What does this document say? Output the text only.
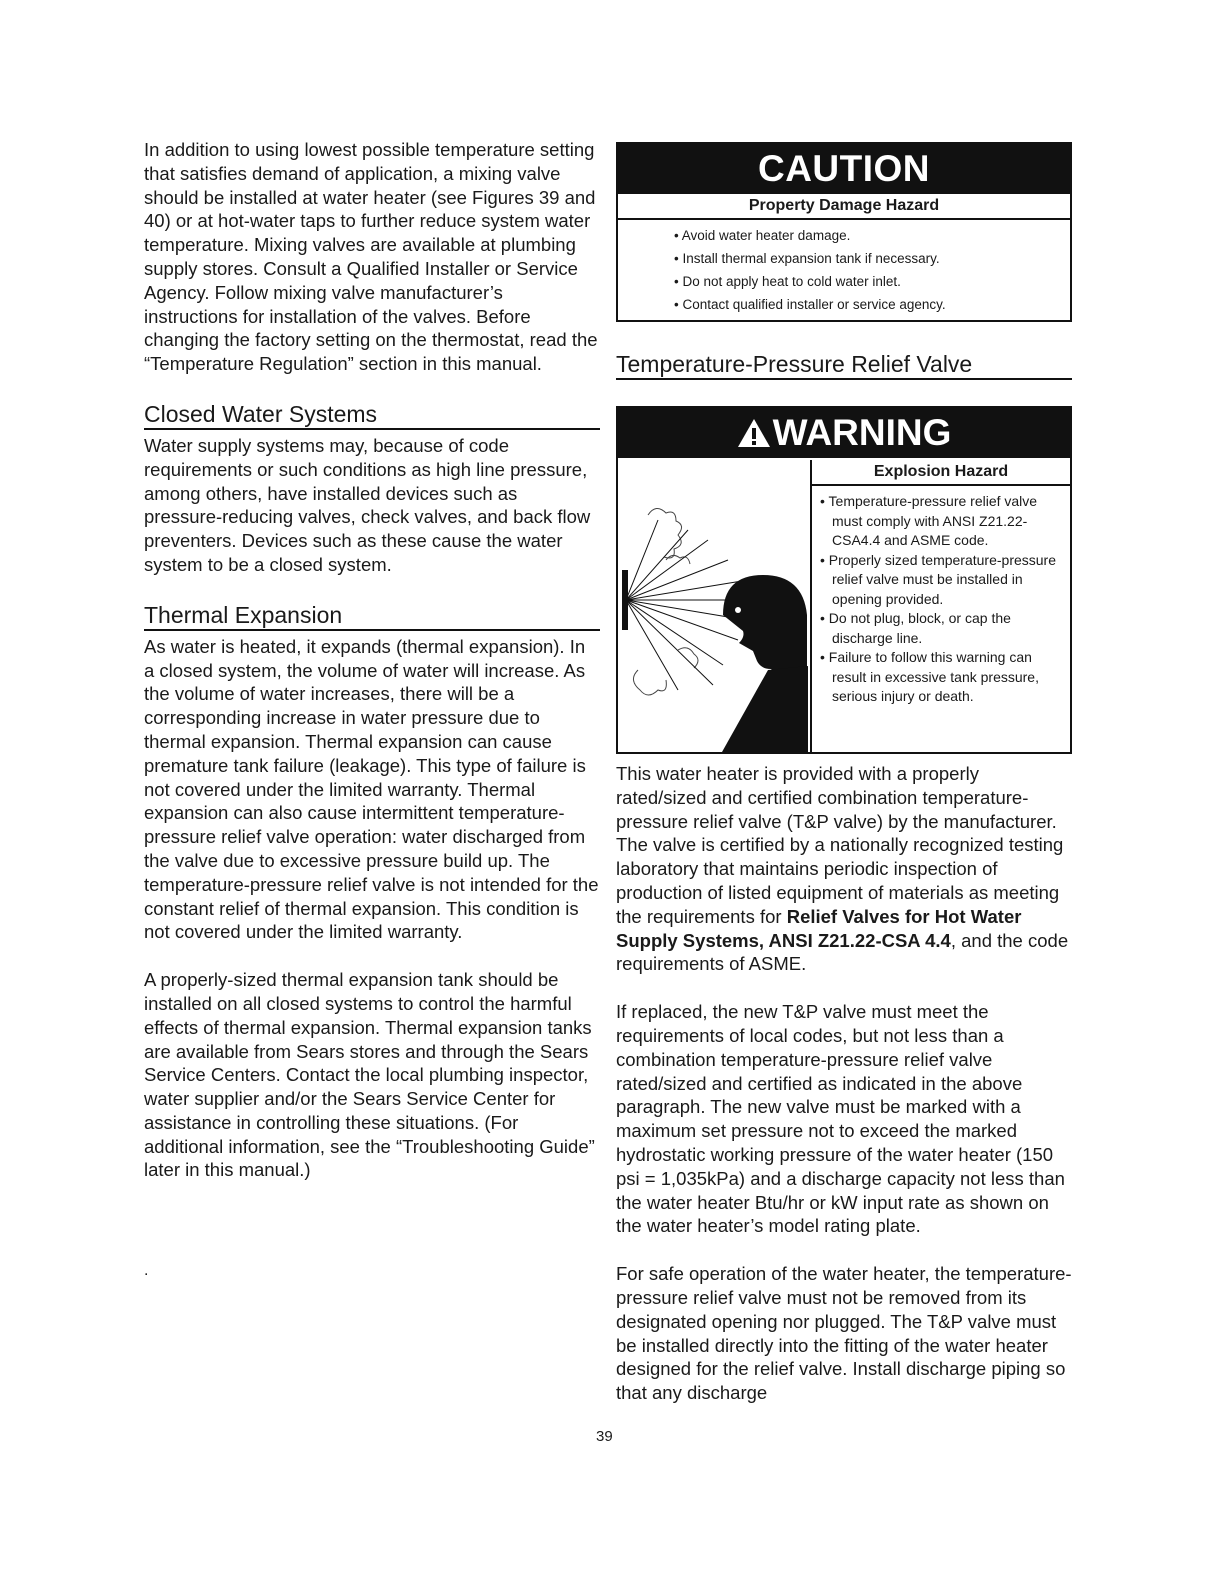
In addition to using lowest possible temperature setting that satisfies demand of application, a mixing valve should be installed at water heater (see Figures 39 and 40) or at hot-water taps to further reduce system water temperature. Mixing valves are available at plumbing supply stores. Consult a Qualified Installer or Service Agency. Follow mixing valve manufacturer’s instructions for installation of the valves. Before changing the factory setting on the thermostat, read the “Temperature Regulation” section in this manual.

Closed Water Systems

Water supply systems may, because of code requirements or such conditions as high line pressure, among others, have installed devices such as pressure-reducing valves, check valves, and back flow preventers. Devices such as these cause the water system to be a closed system.

Thermal Expansion

As water is heated, it expands (thermal expansion). In a closed system, the volume of water will increase. As the volume of water increases, there will be a corresponding increase in water pressure due to thermal expansion. Thermal expansion can cause premature tank failure (leakage). This type of failure is not covered under the limited warranty. Thermal expansion can also cause intermittent temperature-pressure relief valve operation: water discharged from the valve due to excessive pressure build up. The temperature-pressure relief valve is not intended for the constant relief of thermal expansion. This condition is not covered under the limited warranty.

A properly-sized thermal expansion tank should be installed on all closed systems to control the harmful effects of thermal expansion. Thermal expansion tanks are available from Sears stores and through the Sears Service Centers. Contact the local plumbing inspector, water supplier and/or the Sears Service Center for assistance in controlling these situations. (For additional information, see the “Troubleshooting Guide” later in this manual.)

.
CAUTION
Property Damage Hazard
• Avoid water heater damage.
• Install thermal expansion tank if necessary.
• Do not apply heat to cold water inlet.
• Contact qualified installer or service agency.
Temperature-Pressure Relief Valve
WARNING
Explosion Hazard
• Temperature-pressure relief valve must comply with ANSI Z21.22-CSA4.4 and ASME code.
• Properly sized temperature-pressure relief valve must be installed in opening provided.
• Do not plug, block, or cap the discharge line.
• Failure to follow this warning can result in excessive tank pressure, serious injury or death.

This water heater is provided with a properly rated/sized and certified combination temperature-pressure relief valve (T&P valve) by the manufacturer. The valve is certified by a nationally recognized testing laboratory that maintains periodic inspection of production of listed equipment of materials as meeting the requirements for Relief Valves for Hot Water Supply Systems, ANSI Z21.22-CSA 4.4, and the code requirements of ASME.

If replaced, the new T&P valve must meet the requirements of local codes, but not less than a combination temperature-pressure relief valve rated/sized and certified as indicated in the above paragraph. The new valve must be marked with a maximum set pressure not to exceed the marked hydrostatic working pressure of the water heater (150 psi = 1,035kPa) and a discharge capacity not less than the water heater Btu/hr or kW input rate as shown on the water heater’s model rating plate.

For safe operation of the water heater, the temperature-pressure relief valve must not be removed from its designated opening nor plugged. The T&P valve must be installed directly into the fitting of the water heater designed for the relief valve. Install discharge piping so that any discharge

39
